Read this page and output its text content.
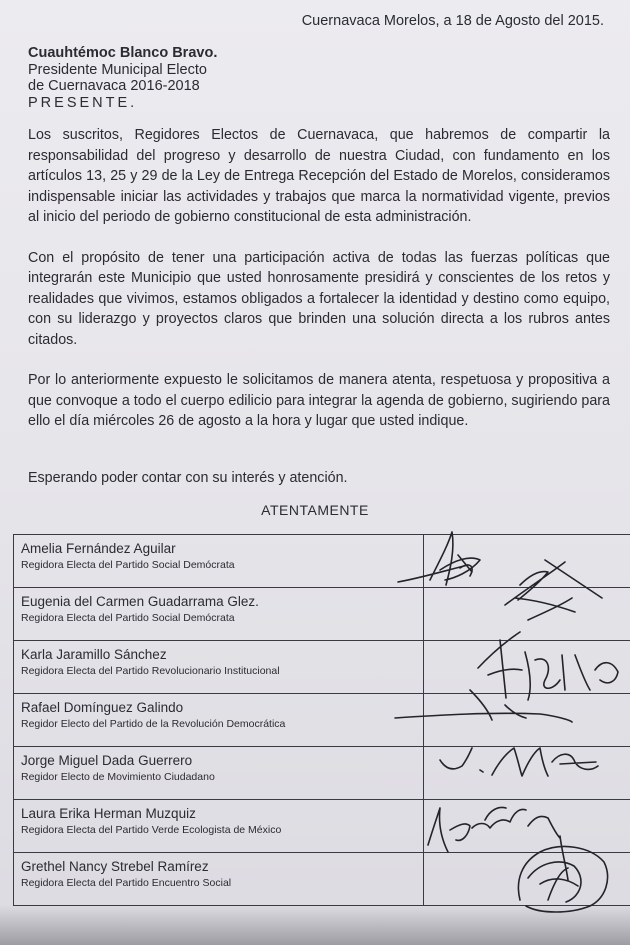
Cuernavaca Morelos, a 18 de Agosto del 2015.
Cuauhtémoc Blanco Bravo.
Presidente Municipal Electo
de Cuernavaca 2016-2018
PRESENTE.

Los suscritos, Regidores Electos de Cuernavaca, que habremos de compartir la responsabilidad del progreso y desarrollo de nuestra Ciudad, con fundamento en los artículos 13, 25 y 29 de la Ley de Entrega Recepción del Estado de Morelos, consideramos indispensable iniciar las actividades y trabajos que marca la normatividad vigente, previos al inicio del periodo de gobierno constitucional de esta administración.

Con el propósito de tener una participación activa de todas las fuerzas políticas que integrarán este Municipio que usted honrosamente presidirá y conscientes de los retos y realidades que vivimos, estamos obligados a fortalecer la identidad y destino como equipo, con su liderazgo y proyectos claros que brinden una solución directa a los rubros antes citados.

Por lo anteriormente expuesto le solicitamos de manera atenta, respetuosa y propositiva a que convoque a todo el cuerpo edilicio para integrar la agenda de gobierno, sugiriendo para ello el día miércoles 26 de agosto a la hora y lugar que usted indique.

Esperando poder contar con su interés y atención.
ATENTAMENTE
Amelia Fernández Aguilar
Regidora Electa del Partido Social Demócrata	

Eugenia del Carmen Guadarrama Glez.
Regidora Electa del Partido Social Demócrata	

Karla Jaramillo Sánchez
Regidora Electa del Partido Revolucionario Institucional	

Rafael Domínguez Galindo
Regidor Electo del Partido de la Revolución Democrática	

Jorge Miguel Dada Guerrero
Regidor Electo de Movimiento Ciudadano	

Laura Erika Herman Muzquiz
Regidora Electa del Partido Verde Ecologista de México	

Grethel Nancy Strebel Ramírez
Regidora Electa del Partido Encuentro Social	
